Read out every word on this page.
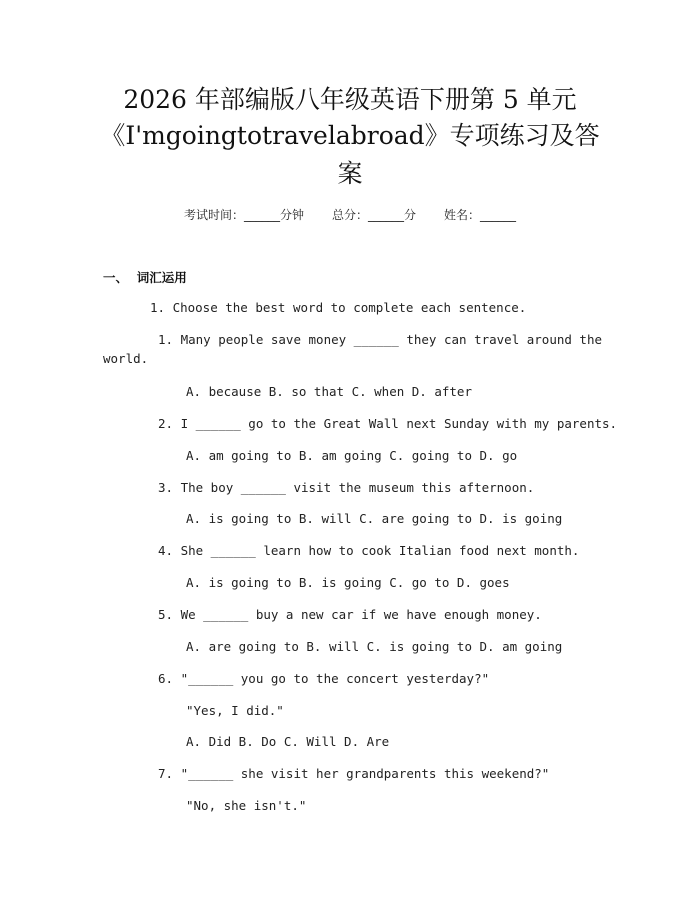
2026 年部编版八年级英语下册第 5 单元
《I'mgoingtotravelabroad》专项练习及答
案
考试时间：______分钟 总分：______分 姓名：______
一、  词汇运用
1. Choose the best word to complete each sentence.
1. Many people save money ______ they can travel around the
world.
A. because B. so that C. when D. after
2. I ______ go to the Great Wall next Sunday with my parents.
A. am going to B. am going C. going to D. go
3. The boy ______ visit the museum this afternoon.
A. is going to B. will C. are going to D. is going
4. She ______ learn how to cook Italian food next month.
A. is going to B. is going C. go to D. goes
5. We ______ buy a new car if we have enough money.
A. are going to B. will C. is going to D. am going
6. "______ you go to the concert yesterday?"
"Yes, I did."
A. Did B. Do C. Will D. Are
7. "______ she visit her grandparents this weekend?"
"No, she isn't."
